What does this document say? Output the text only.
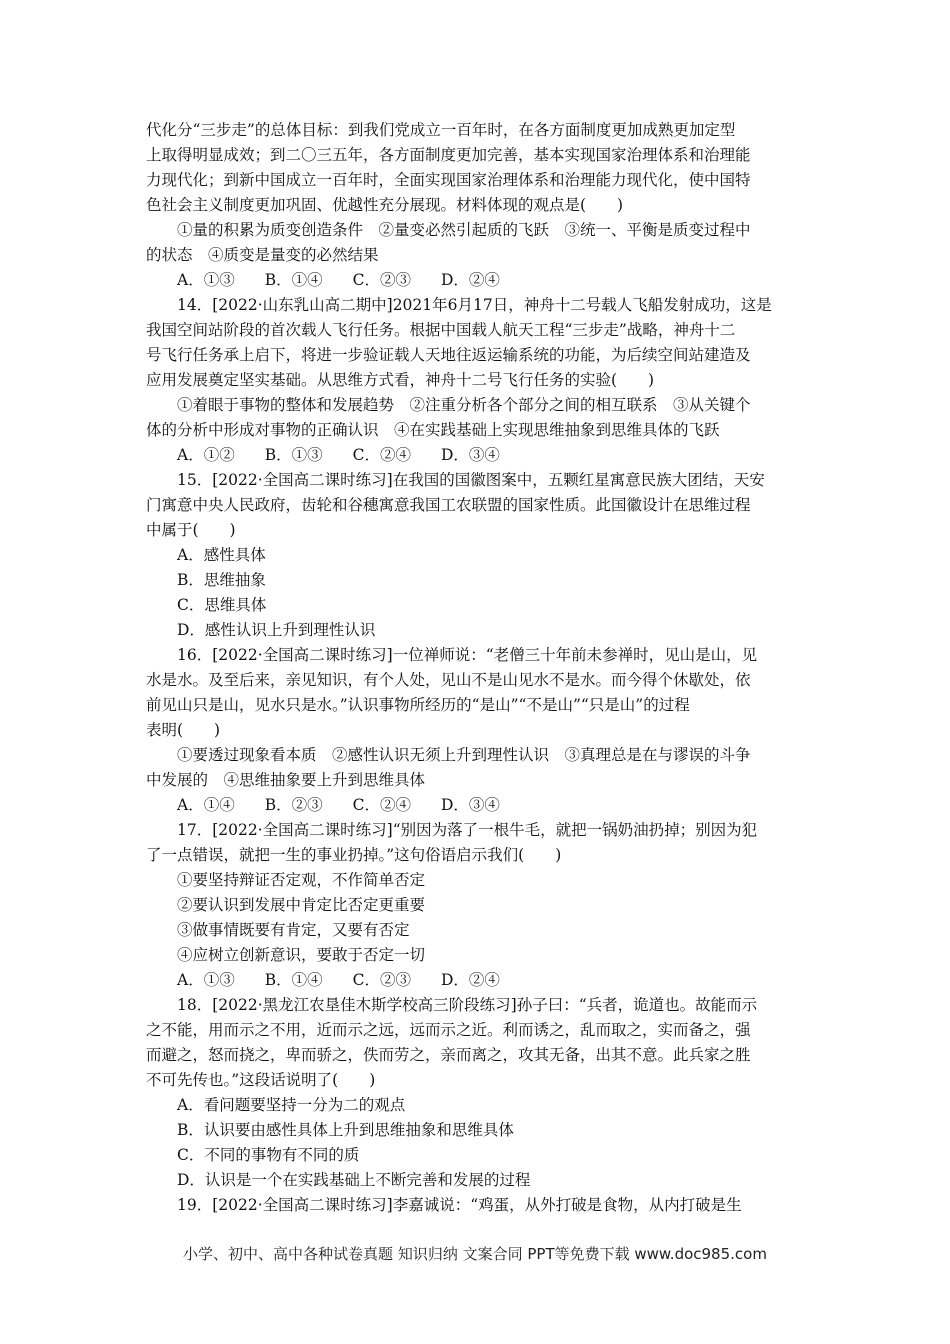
代化分“三步走”的总体目标：到我们党成立一百年时，在各方面制度更加成熟更加定型
上取得明显成效；到二〇三五年，各方面制度更加完善，基本实现国家治理体系和治理能
力现代化；到新中国成立一百年时，全面实现国家治理体系和治理能力现代化，使中国特
色社会主义制度更加巩固、优越性充分展现。材料体现的观点是(　　)
①量的积累为质变创造条件　②量变必然引起质的飞跃　③统一、平衡是质变过程中
的状态　④质变是量变的必然结果
A．①③ B．①④ C．②③ D．②④
14．[2022·山东乳山高二期中]2021年6月17日，神舟十二号载人飞船发射成功，这是
我国空间站阶段的首次载人飞行任务。根据中国载人航天工程“三步走”战略，神舟十二
号飞行任务承上启下，将进一步验证载人天地往返运输系统的功能，为后续空间站建造及
应用发展奠定坚实基础。从思维方式看，神舟十二号飞行任务的实验(　　)
①着眼于事物的整体和发展趋势　②注重分析各个部分之间的相互联系　③从关键个
体的分析中形成对事物的正确认识　④在实践基础上实现思维抽象到思维具体的飞跃
A．①② B．①③ C．②④ D．③④
15．[2022·全国高二课时练习]在我国的国徽图案中，五颗红星寓意民族大团结，天安
门寓意中央人民政府，齿轮和谷穗寓意我国工农联盟的国家性质。此国徽设计在思维过程
中属于(　　)
A．感性具体
B．思维抽象
C．思维具体
D．感性认识上升到理性认识
16．[2022·全国高二课时练习]一位禅师说：“老僧三十年前未参禅时，见山是山，见
水是水。及至后来，亲见知识，有个人处，见山不是山见水不是水。而今得个休歇处，依
前见山只是山，见水只是水。”认识事物所经历的“是山”“不是山”“只是山”的过程
表明(　　)
①要透过现象看本质　②感性认识无须上升到理性认识　③真理总是在与谬误的斗争
中发展的　④思维抽象要上升到思维具体
A．①④ B．②③ C．②④ D．③④
17．[2022·全国高二课时练习]“别因为落了一根牛毛，就把一锅奶油扔掉；别因为犯
了一点错误，就把一生的事业扔掉。”这句俗语启示我们(　　)
①要坚持辩证否定观，不作简单否定
②要认识到发展中肯定比否定更重要
③做事情既要有肯定，又要有否定
④应树立创新意识，要敢于否定一切
A．①③ B．①④ C．②③ D．②④
18．[2022·黑龙江农垦佳木斯学校高三阶段练习]孙子曰：“兵者，诡道也。故能而示
之不能，用而示之不用，近而示之远，远而示之近。利而诱之，乱而取之，实而备之，强
而避之，怒而挠之，卑而骄之，佚而劳之，亲而离之，攻其无备，出其不意。此兵家之胜
不可先传也。”这段话说明了(　　)
A．看问题要坚持一分为二的观点
B．认识要由感性具体上升到思维抽象和思维具体
C．不同的事物有不同的质
D．认识是一个在实践基础上不断完善和发展的过程
19．[2022·全国高二课时练习]李嘉诚说：“鸡蛋，从外打破是食物，从内打破是生
小学、初中、高中各种试卷真题 知识归纳 文案合同 PPT等免费下载 www.doc985.com
